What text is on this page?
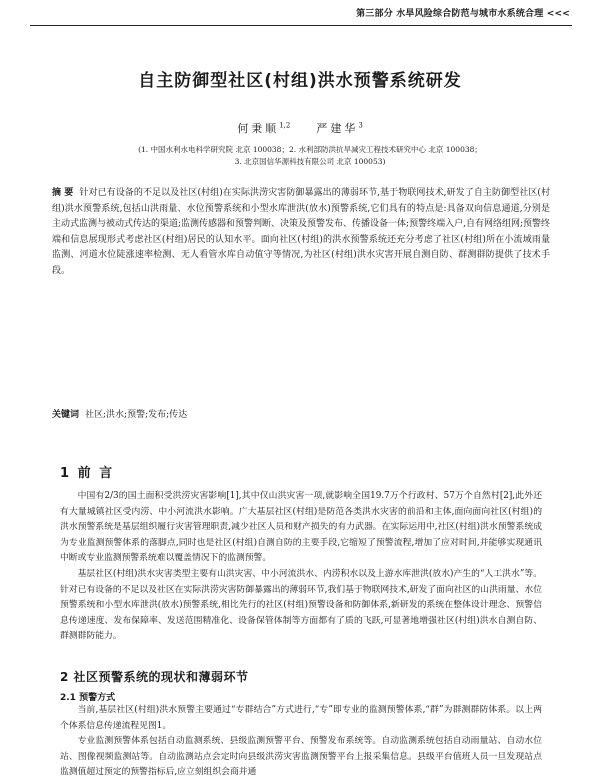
第三部分 水旱风险综合防范与城市水系统合理 <<<
自主防御型社区(村组)洪水预警系统研发
何秉顺$^{1,2}$ 严建华$^3$
(1. 中国水利水电科学研究院 北京 100038；2. 水利部防洪抗旱减灾工程技术研究中心 北京 100038；
3. 北京国信华源科技有限公司 北京 100053)
摘 要 针对已有设备的不足以及社区(村组)在实际洪涝灾害防御暴露出的薄弱环节,基于物联网技术,研发了自主防御型社区(村组)洪水预警系统,包括山洪雨量、水位预警系统和小型水库泄洪(放水)预警系统,它们具有的特点是:具备双向信息通道,分别是主动式监测与被动式传达的渠道;监测传感器和预警判断、决策及预警发布、传播设备一体;预警终端入户,自有网络组网;预警终端和信息展现形式考虑社区(村组)居民的认知水平。面向社区(村组)的洪水预警系统还充分考虑了社区(村组)所在小流域雨量监测、河道水位陡涨速率检测、无人看管水库自动值守等情况,为社区(村组)洪水灾害开展自测自防、群测群防提供了技术手段。
关键词 社区;洪水;预警;发布;传达
1 前 言

中国有2/3的国土面积受洪涝灾害影响[1],其中仅山洪灾害一项,就影响全国19.7万个行政村、57万个自然村[2],此外还有大量城镇社区受内涝、中小河流洪水影响。广大基层社区(村组)是防范各类洪水灾害的前沿和主体,面向面向社区(村组)的洪水预警系统是基层组织履行灾害管理职责,减少社区人员和财产损失的有力武器。在实际运用中,社区(村组)洪水预警系统成为专业监测预警体系的落脚点,同时也是社区(村组)自测自防的主要手段,它缩短了预警流程,增加了应对时间,并能够实现通讯中断或专业监测预警系统难以覆盖情况下的监测预警。

基层社区(村组)洪水灾害类型主要有山洪灾害、中小河流洪水、内涝积水以及上游水库泄洪(放水)产生的“人工洪水”等。针对已有设备的不足以及社区在实际洪涝灾害防御暴露出的薄弱环节,我们基于物联网技术,研发了面向社区的山洪雨量、水位预警系统和小型水库泄洪(放水)预警系统,相比先行的社区(村组)预警设备和防御体系,新研发的系统在整体设计理念、预警信息传递速度、发布保障率、发送范围精准化、设备保管体制等方面都有了质的飞跃,可显著地增强社区(村组)洪水自测自防、群测群防能力。

2 社区预警系统的现状和薄弱环节
2.1 预警方式

当前,基层社区(村组)洪水预警主要通过“专群结合”方式进行,“专”即专业的监测预警体系,“群”为群测群防体系。以上两个体系信息传递流程见图1。

专业监测预警体系包括自动监测系统、县级监测预警平台、预警发布系统等。自动监测系统包括自动雨量站、自动水位站、图像视频监测站等。自动监测站点会定时向县级洪涝灾害监测预警平台上报采集信息。县级平台值班人员一旦发现站点监测值超过预定的预警指标后,应立刻组织会商并通
